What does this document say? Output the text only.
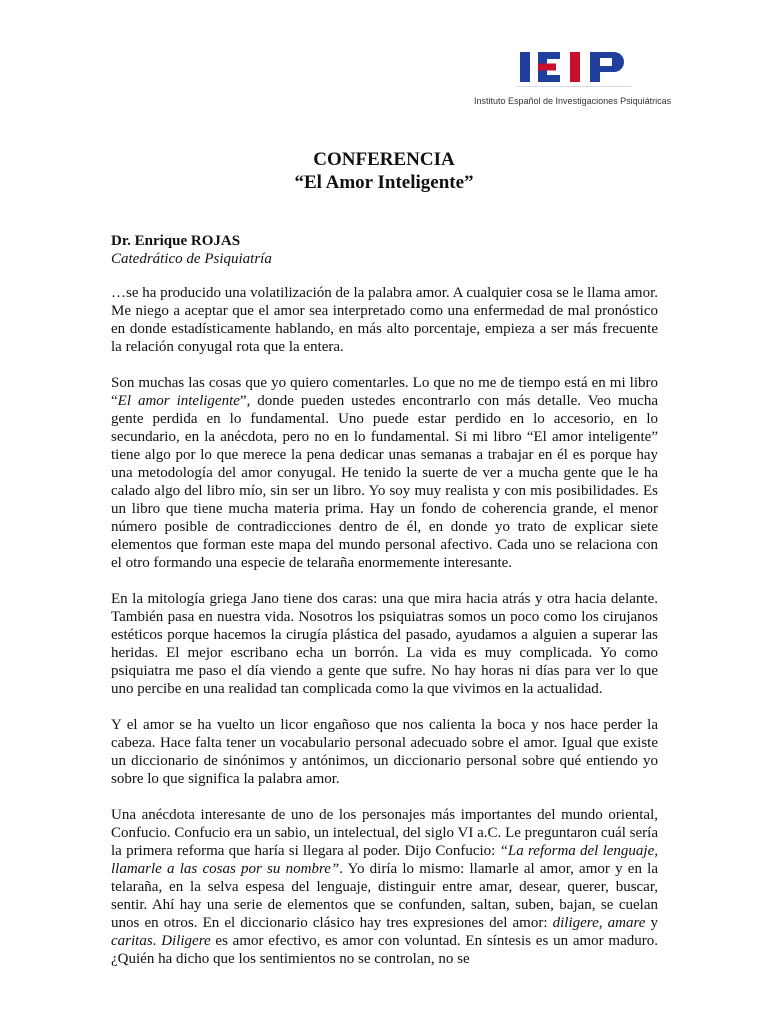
Instituto Español de Investigaciones Psiquiátricas
CONFERENCIA
“El Amor Inteligente”
Dr. Enrique ROJAS
Catedrático de Psiquiatría

…se ha producido una volatilización de la palabra amor. A cualquier cosa se le llama amor. Me niego a aceptar que el amor sea interpretado como una enfermedad de mal pronóstico en donde estadísticamente hablando, en más alto porcentaje, empieza a ser más frecuente la relación conyugal rota que la entera.

Son muchas las cosas que yo quiero comentarles. Lo que no me de tiempo está en mi libro “El amor inteligente”, donde pueden ustedes encontrarlo con más detalle. Veo mucha gente perdida en lo fundamental. Uno puede estar perdido en lo accesorio, en lo secundario, en la anécdota, pero no en lo fundamental. Si mi libro “El amor inteligente” tiene algo por lo que merece la pena dedicar unas semanas a trabajar en él es porque hay una metodología del amor conyugal. He tenido la suerte de ver a mucha gente que le ha calado algo del libro mío, sin ser un libro. Yo soy muy realista y con mis posibilidades. Es un libro que tiene mucha materia prima. Hay un fondo de coherencia grande, el menor número posible de contradicciones dentro de él, en donde yo trato de explicar siete elementos que forman este mapa del mundo personal afectivo. Cada uno se relaciona con el otro formando una especie de telaraña enormemente interesante.

En la mitología griega Jano tiene dos caras: una que mira hacia atrás y otra hacia delante. También pasa en nuestra vida. Nosotros los psiquiatras somos un poco como los cirujanos estéticos porque hacemos la cirugía plástica del pasado, ayudamos a alguien a superar las heridas. El mejor escribano echa un borrón. La vida es muy complicada. Yo como psiquiatra me paso el día viendo a gente que sufre. No hay horas ni días para ver lo que uno percibe en una realidad tan complicada como la que vivimos en la actualidad.

Y el amor se ha vuelto un licor engañoso que nos calienta la boca y nos hace perder la cabeza. Hace falta tener un vocabulario personal adecuado sobre el amor. Igual que existe un diccionario de sinónimos y antónimos, un diccionario personal sobre qué entiendo yo sobre lo que significa la palabra amor.

Una anécdota interesante de uno de los personajes más importantes del mundo oriental, Confucio. Confucio era un sabio, un intelectual, del siglo VI a.C. Le preguntaron cuál sería la primera reforma que haría si llegara al poder. Dijo Confucio: “La reforma del lenguaje, llamarle a las cosas por su nombre”. Yo diría lo mismo: llamarle al amor, amor y en la telaraña, en la selva espesa del lenguaje, distinguir entre amar, desear, querer, buscar, sentir. Ahí hay una serie de elementos que se confunden, saltan, suben, bajan, se cuelan unos en otros. En el diccionario clásico hay tres expresiones del amor: diligere, amare y caritas. Diligere es amor efectivo, es amor con voluntad. En síntesis es un amor maduro. ¿Quién ha dicho que los sentimientos no se controlan, no se
